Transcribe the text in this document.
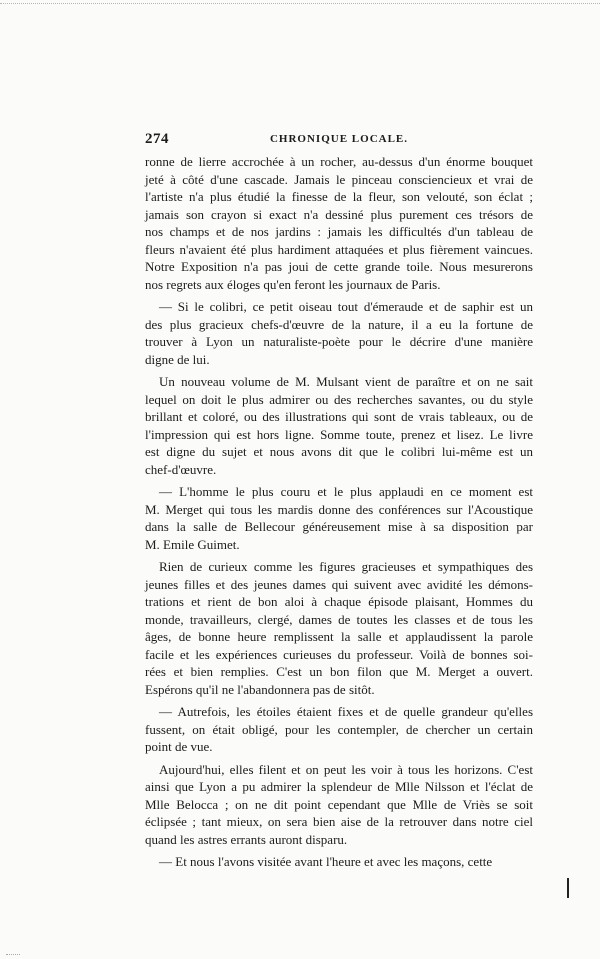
274	CHRONIQUE LOCALE.

ronne de lierre accrochée à un rocher, au-dessus d'un énorme bouquet
jeté à côté d'une cascade. Jamais le pinceau consciencieux et vrai de
l'artiste n'a plus étudié la finesse de la fleur, son velouté, son éclat ;
jamais son crayon si exact n'a dessiné plus purement ces trésors de
nos champs et de nos jardins : jamais les difficultés d'un tableau de
fleurs n'avaient été plus hardiment attaquées et plus fièrement vaincues.
Notre Exposition n'a pas joui de cette grande toile. Nous mesurerons
nos regrets aux éloges qu'en feront les journaux de Paris.

— Si le colibri, ce petit oiseau tout d'émeraude et de saphir est un
des plus gracieux chefs-d'œuvre de la nature, il a eu la fortune de
trouver à Lyon un naturaliste-poète pour le décrire d'une manière
digne de lui.

Un nouveau volume de M. Mulsant vient de paraître et on ne sait
lequel on doit le plus admirer ou des recherches savantes, ou du style
brillant et coloré, ou des illustrations qui sont de vrais tableaux, ou de
l'impression qui est hors ligne. Somme toute, prenez et lisez. Le livre
est digne du sujet et nous avons dit que le colibri lui-même est un
chef-d'œuvre.

— L'homme le plus couru et le plus applaudi en ce moment est
M. Merget qui tous les mardis donne des conférences sur l'Acoustique
dans la salle de Bellecour généreusement mise à sa disposition par
M. Emile Guimet.

Rien de curieux comme les figures gracieuses et sympathiques des
jeunes filles et des jeunes dames qui suivent avec avidité les démons-
trations et rient de bon aloi à chaque épisode plaisant, Hommes du
monde, travailleurs, clergé, dames de toutes les classes et de tous les
âges, de bonne heure remplissent la salle et applaudissent la parole
facile et les expériences curieuses du professeur. Voilà de bonnes soi-
rées et bien remplies. C'est un bon filon que M. Merget a ouvert.
Espérons qu'il ne l'abandonnera pas de sitôt.

— Autrefois, les étoiles étaient fixes et de quelle grandeur qu'elles
fussent, on était obligé, pour les contempler, de chercher un certain
point de vue.

Aujourd'hui, elles filent et on peut les voir à tous les horizons. C'est
ainsi que Lyon a pu admirer la splendeur de Mlle Nilsson et l'éclat de
Mlle Belocca ; on ne dit point cependant que Mlle de Vriès se soit
éclipsée ; tant mieux, on sera bien aise de la retrouver dans notre ciel
quand les astres errants auront disparu.

— Et nous l'avons visitée avant l'heure et avec les maçons, cette
